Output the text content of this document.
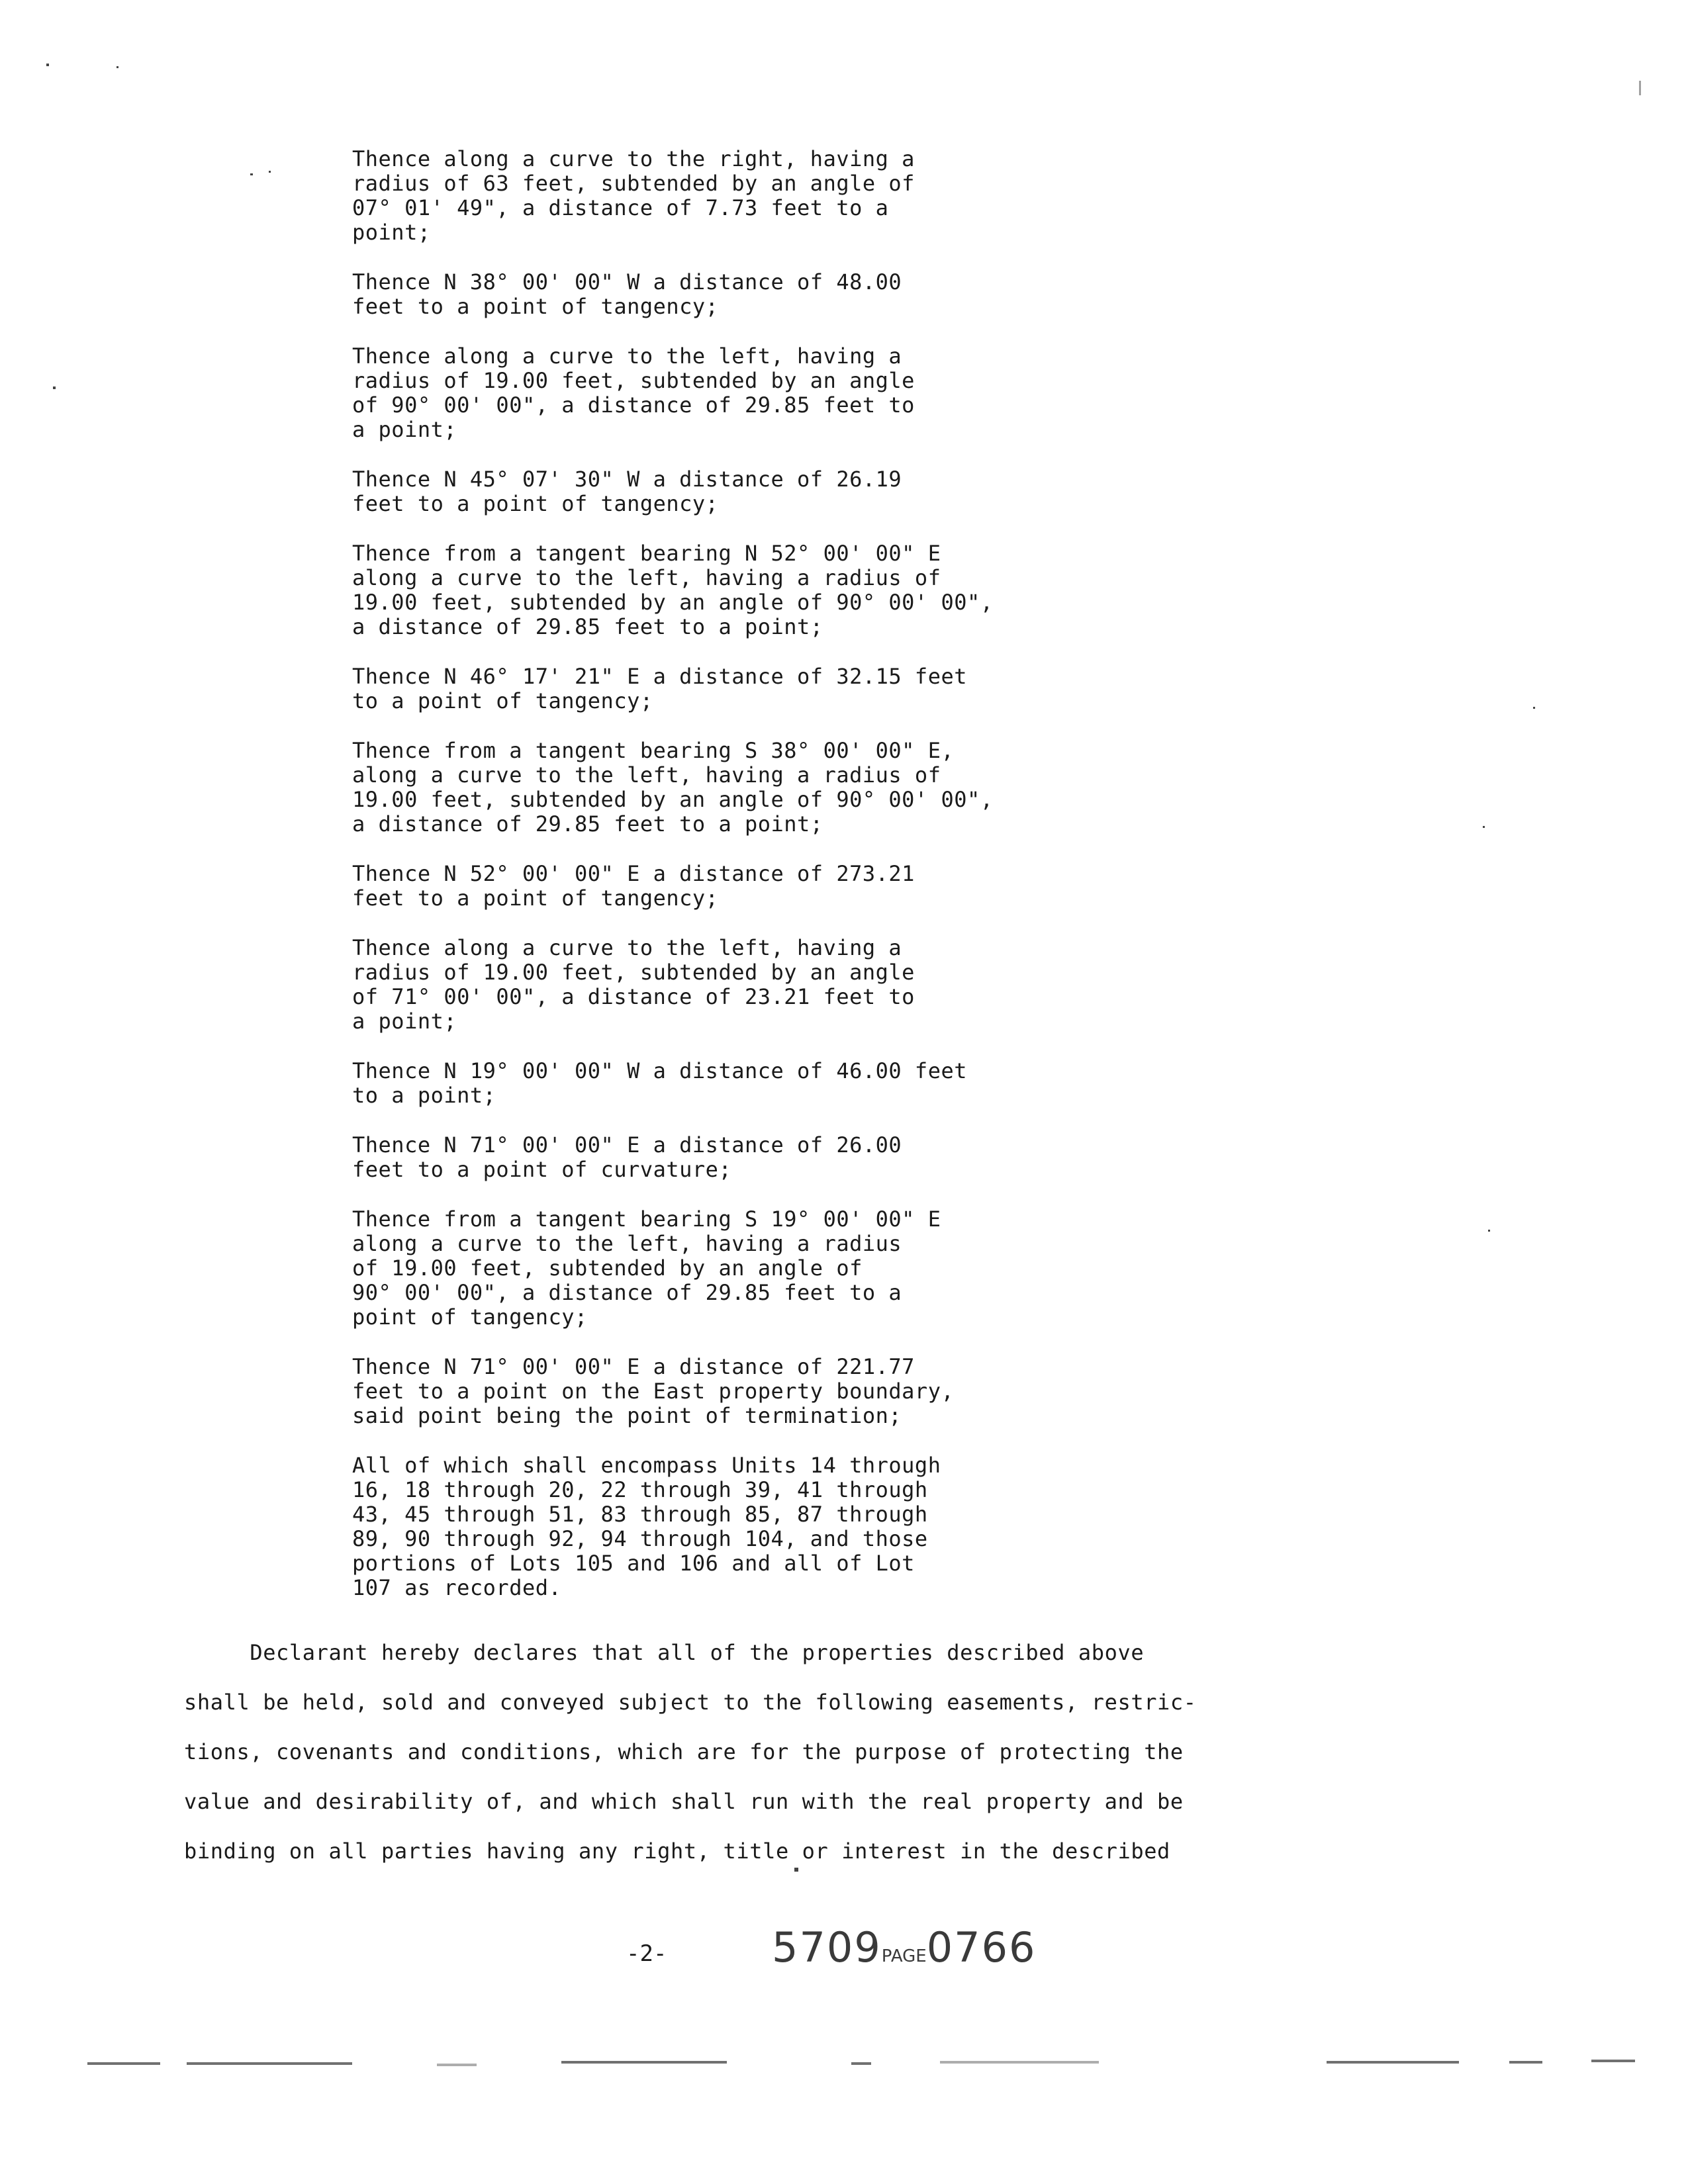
Thence along a curve to the right, having a
radius of 63 feet, subtended by an angle of
07° 01' 49", a distance of 7.73 feet to a
point;

Thence N 38° 00' 00" W a distance of 48.00
feet to a point of tangency;

Thence along a curve to the left, having a
radius of 19.00 feet, subtended by an angle
of 90° 00' 00", a distance of 29.85 feet to
a point;

Thence N 45° 07' 30" W a distance of 26.19
feet to a point of tangency;

Thence from a tangent bearing N 52° 00' 00" E
along a curve to the left, having a radius of
19.00 feet, subtended by an angle of 90° 00' 00",
a distance of 29.85 feet to a point;

Thence N 46° 17' 21" E a distance of 32.15 feet
to a point of tangency;

Thence from a tangent bearing S 38° 00' 00" E,
along a curve to the left, having a radius of
19.00 feet, subtended by an angle of 90° 00' 00",
a distance of 29.85 feet to a point;

Thence N 52° 00' 00" E a distance of 273.21
feet to a point of tangency;

Thence along a curve to the left, having a
radius of 19.00 feet, subtended by an angle
of 71° 00' 00", a distance of 23.21 feet to
a point;

Thence N 19° 00' 00" W a distance of 46.00 feet
to a point;

Thence N 71° 00' 00" E a distance of 26.00
feet to a point of curvature;

Thence from a tangent bearing S 19° 00' 00" E
along a curve to the left, having a radius
of 19.00 feet, subtended by an angle of
90° 00' 00", a distance of 29.85 feet to a
point of tangency;

Thence N 71° 00' 00" E a distance of 221.77
feet to a point on the East property boundary,
said point being the point of termination;

All of which shall encompass Units 14 through
16, 18 through 20, 22 through 39, 41 through
43, 45 through 51, 83 through 85, 87 through
89, 90 through 92, 94 through 104, and those
portions of Lots 105 and 106 and all of Lot
107 as recorded.

Declarant hereby declares that all of the properties described above
shall be held, sold and conveyed subject to the following easements, restric-
tions, covenants and conditions, which are for the purpose of protecting the
value and desirability of, and which shall run with the real property and be
binding on all parties having any right, title or interest in the described
-2-	5709PAGE0766
